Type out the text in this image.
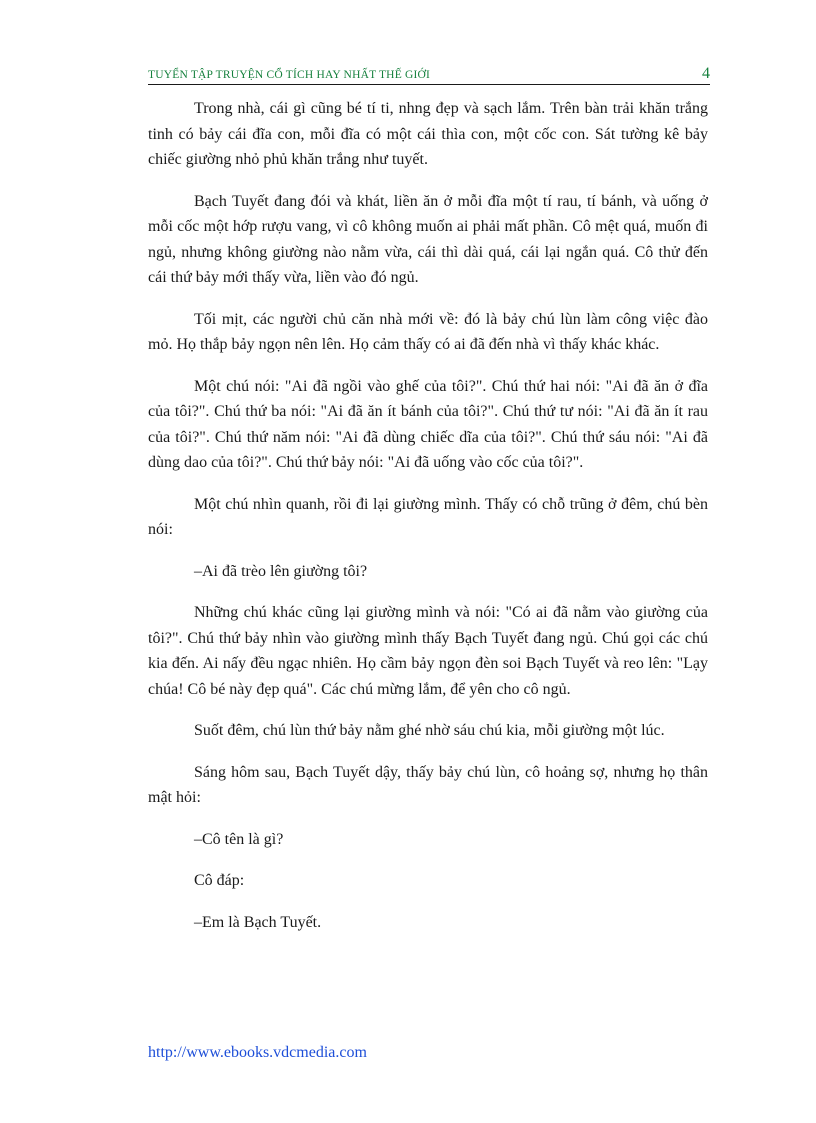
TUYỂN TẬP TRUYỆN CỔ TÍCH HAY NHẤT THẾ GIỚI	4

Trong nhà, cái gì cũng bé tí ti, nhng đẹp và sạch lắm. Trên bàn trải khăn trắng tinh có bảy cái đĩa con, mỗi đĩa có một cái thìa con, một cốc con. Sát tường kê bảy chiếc giường nhỏ phủ khăn trắng như tuyết.

Bạch Tuyết đang đói và khát, liền ăn ở mỗi đĩa một tí rau, tí bánh, và uống ở mỗi cốc một hớp rượu vang, vì cô không muốn ai phải mất phần. Cô mệt quá, muốn đi ngủ, nhưng không giường nào nằm vừa, cái thì dài quá, cái lại ngắn quá. Cô thử đến cái thứ bảy mới thấy vừa, liền vào đó ngủ.

Tối mịt, các người chủ căn nhà mới về: đó là bảy chú lùn làm công việc đào mỏ. Họ thắp bảy ngọn nên lên. Họ cảm thấy có ai đã đến nhà vì thấy khác khác.

Một chú nói: "Ai đã ngồi vào ghế của tôi?". Chú thứ hai nói: "Ai đã ăn ở đĩa của tôi?". Chú thứ ba nói: "Ai đã ăn ít bánh của tôi?". Chú thứ tư nói: "Ai đã ăn ít rau của tôi?". Chú thứ năm nói: "Ai đã dùng chiếc dĩa của tôi?". Chú thứ sáu nói: "Ai đã dùng dao của tôi?". Chú thứ bảy nói: "Ai đã uống vào cốc của tôi?".

Một chú nhìn quanh, rồi đi lại giường mình. Thấy có chỗ trũng ở đêm, chú bèn nói:

–Ai đã trèo lên giường tôi?

Những chú khác cũng lại giường mình và nói: "Có ai đã nằm vào giường của tôi?". Chú thứ bảy nhìn vào giường mình thấy Bạch Tuyết đang ngủ. Chú gọi các chú kia đến. Ai nấy đều ngạc nhiên. Họ cầm bảy ngọn đèn soi Bạch Tuyết và reo lên: "Lạy chúa! Cô bé này đẹp quá". Các chú mừng lắm, để yên cho cô ngủ.

Suốt đêm, chú lùn thứ bảy nằm ghé nhờ sáu chú kia, mỗi giường một lúc.

Sáng hôm sau, Bạch Tuyết dậy, thấy bảy chú lùn, cô hoảng sợ, nhưng họ thân mật hỏi:

–Cô tên là gì?

Cô đáp:

–Em là Bạch Tuyết.

http://www.ebooks.vdcmedia.com
